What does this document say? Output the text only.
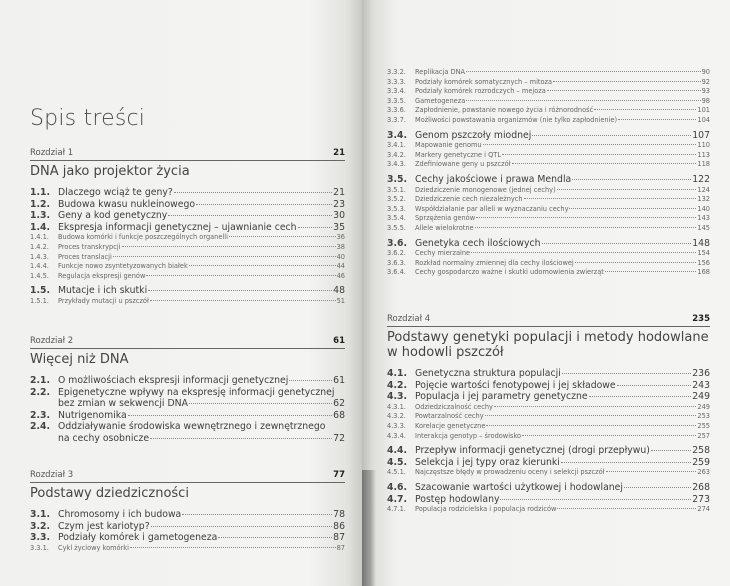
Spis treści
Rozdział 1	21
DNA jako projektor życia
1.1. Dlaczego wciąż te geny?	21
1.2. Budowa kwasu nukleinowego	23
1.3. Geny a kod genetyczny	30
1.4. Ekspresja informacji genetycznej – ujawnianie cech	35
1.4.1.	Budowa komórki i funkcje poszczególnych organelli	36
1.4.2.	Proces transkrypcji	38
1.4.3.	Proces translacji	40
1.4.4.	Funkcje nowo zsyntetyzowanych białek	44
1.4.5.	Regulacja ekspresji genów	46
1.5. Mutacje i ich skutki	48
1.5.1.	Przykłady mutacji u pszczół	51
Rozdział 2	61
Więcej niż DNA
2.1. O możliwościach ekspresji informacji genetycznej	61
2.2. Epigenetyczne wpływy na ekspresję informacji genetycznej
bez zmian w sekwencji DNA	62
2.3. Nutrigenomika	68
2.4. Oddziaływanie środowiska wewnętrznego i zewnętrznego
na cechy osobnicze	72
Rozdział 3	77
Podstawy dziedziczności
3.1. Chromosomy i ich budowa	78
3.2. Czym jest kariotyp?	86
3.3. Podziały komórek i gametogeneza	87
3.3.1.	Cykl życiowy komórki	87
3.3.2.	Replikacja DNA	90
3.3.3.	Podziały komórek somatycznych – mitoza	92
3.3.4.	Podziały komórek rozrodczych – mejoza	93
3.3.5.	Gametogeneza	98
3.3.6.	Zapłodnienie, powstanie nowego życia i różnorodność	101
3.3.7.	Możliwości powstawania organizmów (nie tylko zapłodnienie)	104
3.4. Genom pszczoły miodnej	107
3.4.1.	Mapowanie genomu	110
3.4.2.	Markery genetyczne i QTL	113
3.4.3.	Zdefiniowane geny u pszczół	118
3.5. Cechy jakościowe i prawa Mendla	122
3.5.1.	Dziedziczenie monogenowe (jednej cechy)	124
3.5.2.	Dziedziczenie cech niezależnych	132
3.5.3.	Współdziałanie par alleli w wyznaczaniu cechy	140
3.5.4.	Sprzężenia genów	143
3.5.5.	Allele wielokrotne	145
3.6. Genetyka cech ilościowych	148
3.6.2.	Cechy mierzalne	154
3.6.3.	Rozkład normalny zmiennej dla cechy ilościowej	156
3.6.4.	Cechy gospodarczo ważne i skutki udomowienia zwierząt	168
Rozdział 4	235
Podstawy genetyki populacji i metody hodowlane w hodowli pszczół
4.1. Genetyczna struktura populacji	236
4.2. Pojęcie wartości fenotypowej i jej składowe	243
4.3. Populacja i jej parametry genetyczne	249
4.3.1.	Odziedziczalność cechy	249
4.3.2.	Powtarzalność cechy	253
4.3.3.	Korelacje genetyczne	255
4.3.4.	Interakcja genotyp – środowisko	257
4.4. Przepływ informacji genetycznej (drogi przepływu)	258
4.5. Selekcja i jej typy oraz kierunki	259
4.5.1.	Najczęstsze błędy w prowadzeniu oceny i selekcji pszczół	263
4.6. Szacowanie wartości użytkowej i hodowlanej	268
4.7. Postęp hodowlany	273
4.7.1.	Populacja rodzicielska i populacja rodziców	274
